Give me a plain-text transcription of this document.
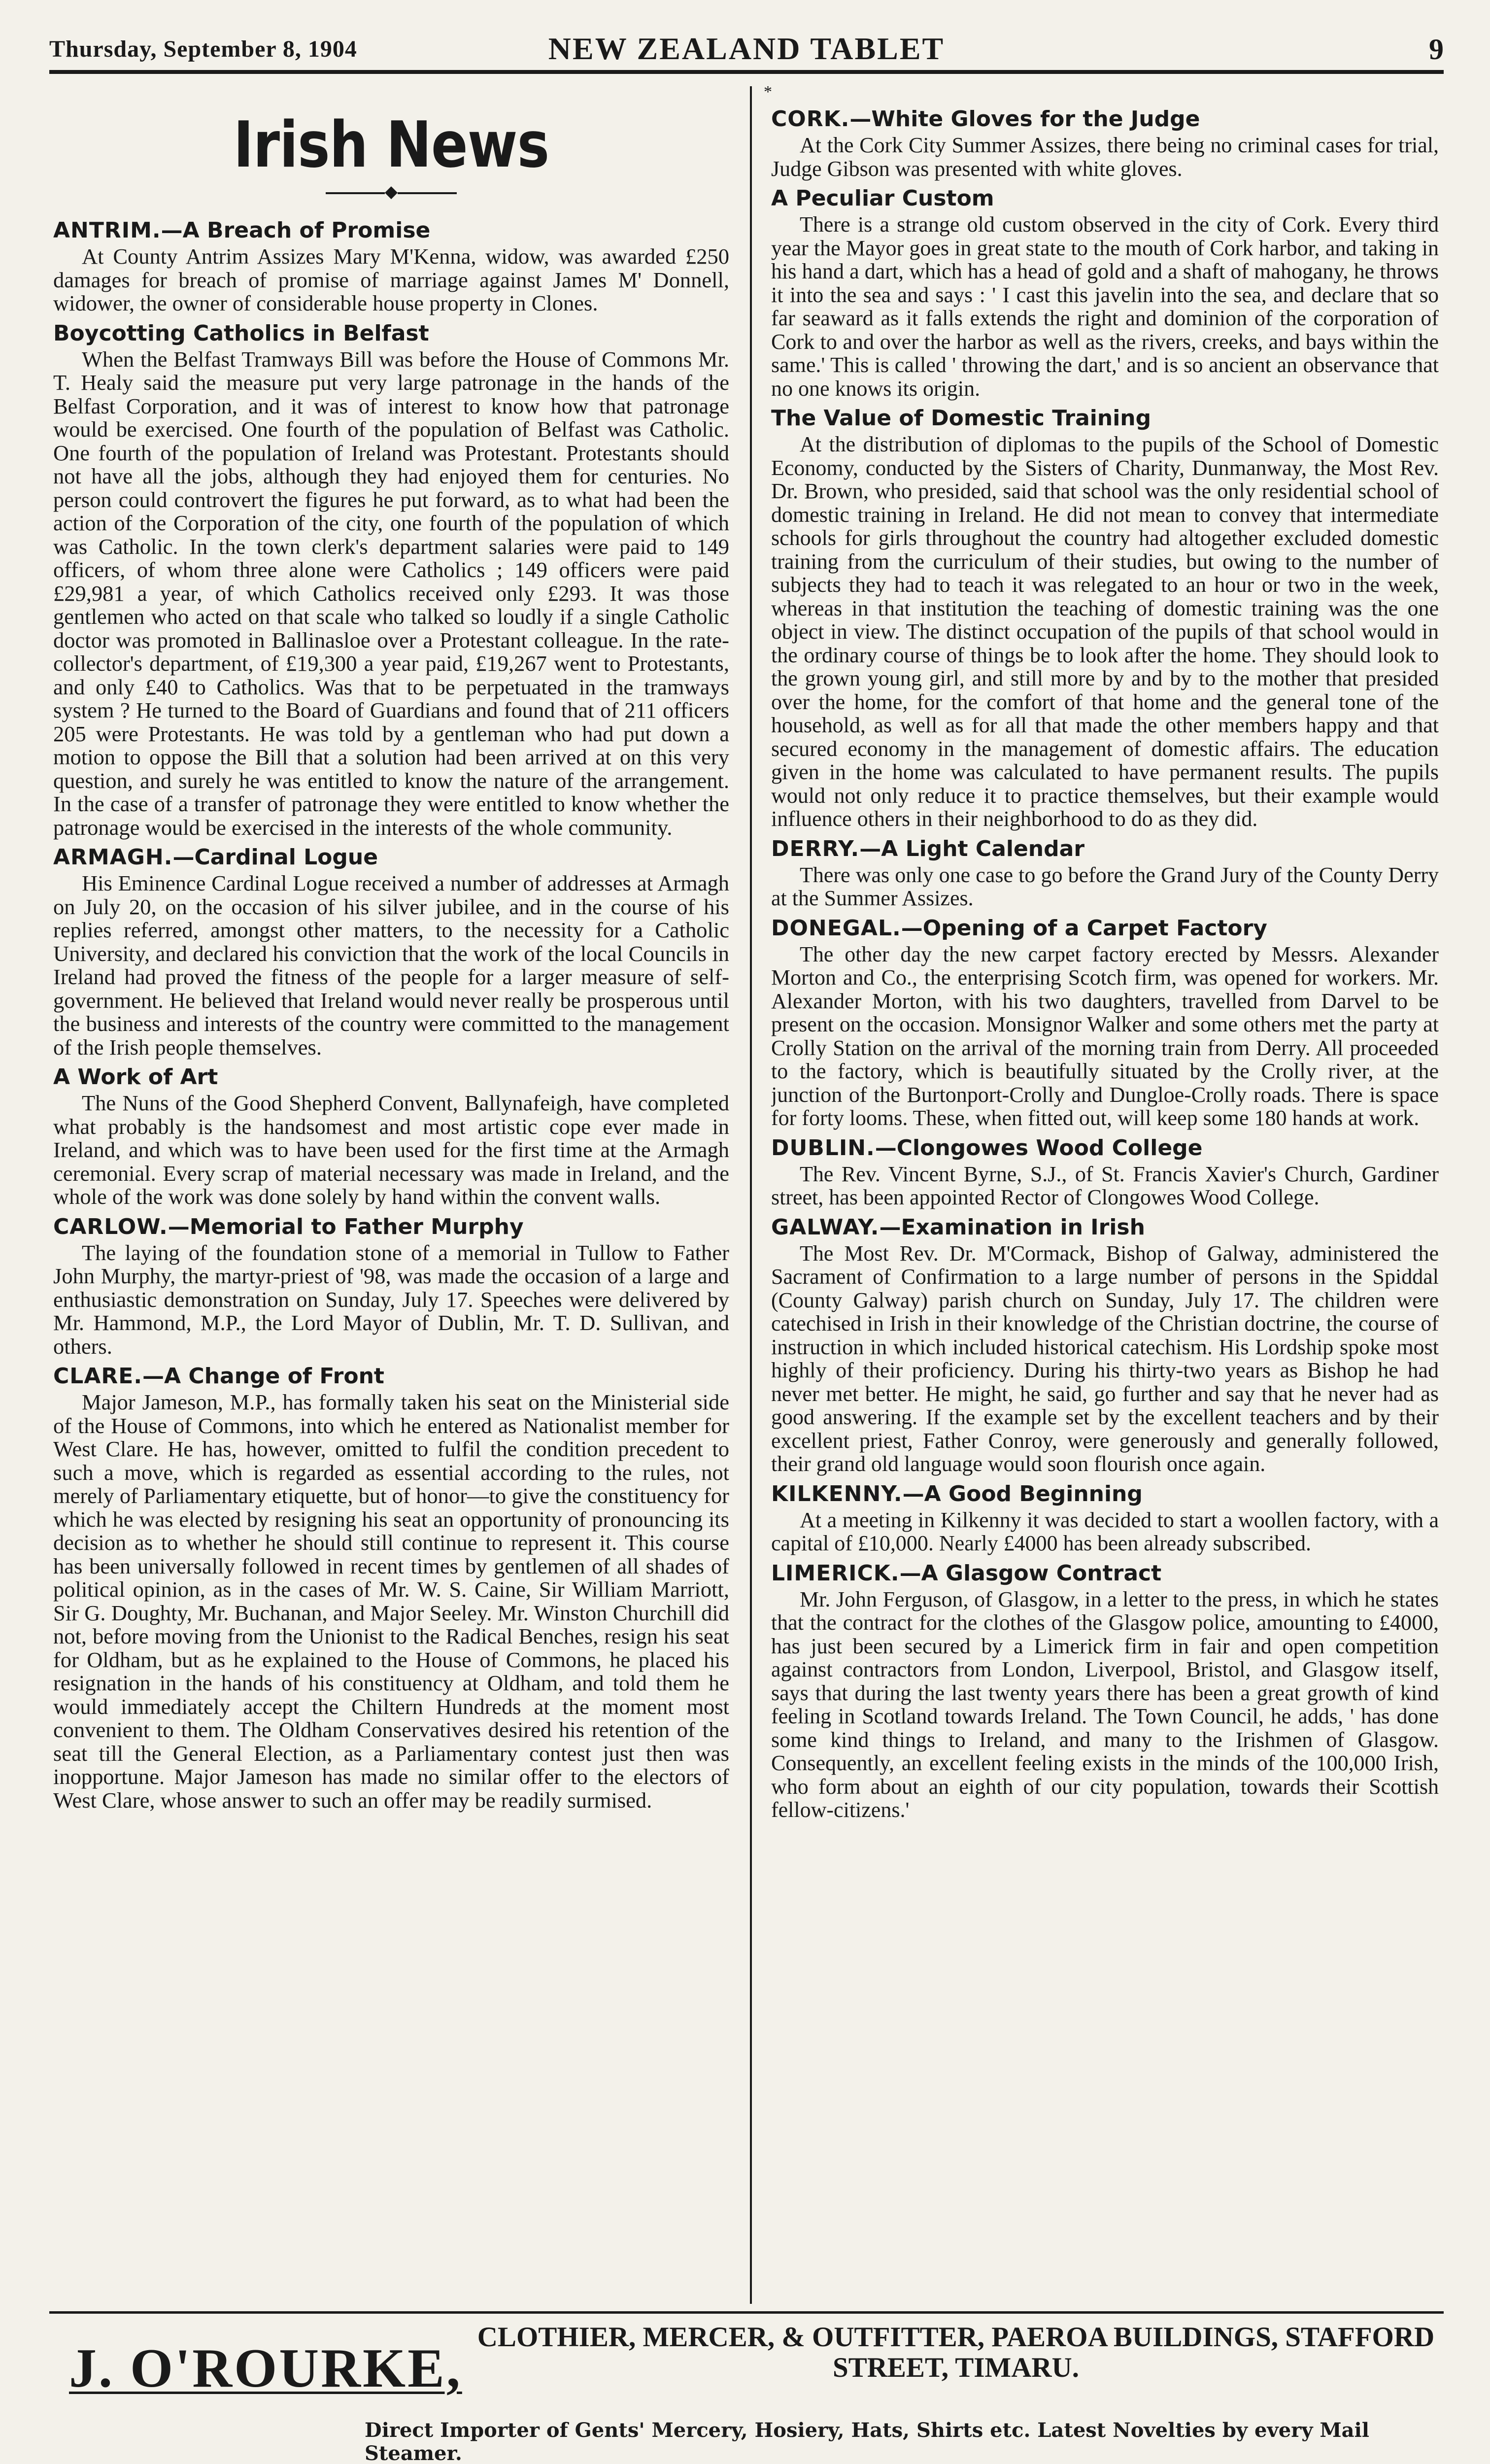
Thursday, September 8, 1904	NEW ZEALAND TABLET	9
*
Irish News
◆
ANTRIM.—A Breach of Promise

At County Antrim Assizes Mary M'Kenna, widow, was awarded £250 damages for breach of promise of marriage against James M' Donnell, widower, the owner of considerable house property in Clones.

Boycotting Catholics in Belfast

When the Belfast Tramways Bill was before the House of Commons Mr. T. Healy said the measure put very large patronage in the hands of the Belfast Corporation, and it was of interest to know how that patronage would be exercised. One fourth of the population of Belfast was Catholic. One fourth of the population of Ireland was Protestant. Protestants should not have all the jobs, although they had enjoyed them for centuries. No person could controvert the figures he put forward, as to what had been the action of the Corporation of the city, one fourth of the population of which was Catholic. In the town clerk's department salaries were paid to 149 officers, of whom three alone were Catholics ; 149 officers were paid £29,981 a year, of which Catholics received only £293. It was those gentlemen who acted on that scale who talked so loudly if a single Catholic doctor was promoted in Ballinasloe over a Protestant colleague. In the rate-collector's department, of £19,300 a year paid, £19,267 went to Protestants, and only £40 to Catholics. Was that to be perpetuated in the tramways system ? He turned to the Board of Guardians and found that of 211 officers 205 were Protestants. He was told by a gentleman who had put down a motion to oppose the Bill that a solution had been arrived at on this very question, and surely he was entitled to know the nature of the arrangement. In the case of a transfer of patronage they were entitled to know whether the patronage would be exercised in the interests of the whole community.

ARMAGH.—Cardinal Logue

His Eminence Cardinal Logue received a number of addresses at Armagh on July 20, on the occasion of his silver jubilee, and in the course of his replies referred, amongst other matters, to the necessity for a Catholic University, and declared his conviction that the work of the local Councils in Ireland had proved the fitness of the people for a larger measure of self-government. He believed that Ireland would never really be prosperous until the business and interests of the country were committed to the management of the Irish people themselves.

A Work of Art

The Nuns of the Good Shepherd Convent, Ballynafeigh, have completed what probably is the handsomest and most artistic cope ever made in Ireland, and which was to have been used for the first time at the Armagh ceremonial. Every scrap of material necessary was made in Ireland, and the whole of the work was done solely by hand within the convent walls.

CARLOW.—Memorial to Father Murphy

The laying of the foundation stone of a memorial in Tullow to Father John Murphy, the martyr-priest of '98, was made the occasion of a large and enthusiastic demonstration on Sunday, July 17. Speeches were delivered by Mr. Hammond, M.P., the Lord Mayor of Dublin, Mr. T. D. Sullivan, and others.

CLARE.—A Change of Front

Major Jameson, M.P., has formally taken his seat on the Ministerial side of the House of Commons, into which he entered as Nationalist member for West Clare. He has, however, omitted to fulfil the condition precedent to such a move, which is regarded as essential according to the rules, not merely of Parliamentary etiquette, but of honor—to give the constituency for which he was elected by resigning his seat an opportunity of pronouncing its decision as to whether he should still continue to represent it. This course has been universally followed in recent times by gentlemen of all shades of political opinion, as in the cases of Mr. W. S. Caine, Sir William Marriott, Sir G. Doughty, Mr. Buchanan, and Major Seeley. Mr. Winston Churchill did not, before moving from the Unionist to the Radical Benches, resign his seat for Oldham, but as he explained to the House of Commons, he placed his resignation in the hands of his constituency at Oldham, and told them he would immediately accept the Chiltern Hundreds at the moment most convenient to them. The Oldham Conservatives desired his retention of the seat till the General Election, as a Parliamentary contest just then was inopportune. Major Jameson has made no similar offer to the electors of West Clare, whose answer to such an offer may be readily surmised.

CORK.—White Gloves for the Judge

At the Cork City Summer Assizes, there being no criminal cases for trial, Judge Gibson was presented with white gloves.

A Peculiar Custom

There is a strange old custom observed in the city of Cork. Every third year the Mayor goes in great state to the mouth of Cork harbor, and taking in his hand a dart, which has a head of gold and a shaft of mahogany, he throws it into the sea and says : ' I cast this javelin into the sea, and declare that so far seaward as it falls extends the right and dominion of the corporation of Cork to and over the harbor as well as the rivers, creeks, and bays within the same.' This is called ' throwing the dart,' and is so ancient an observance that no one knows its origin.

The Value of Domestic Training

At the distribution of diplomas to the pupils of the School of Domestic Economy, conducted by the Sisters of Charity, Dunmanway, the Most Rev. Dr. Brown, who presided, said that school was the only residential school of domestic training in Ireland. He did not mean to convey that intermediate schools for girls throughout the country had altogether excluded domestic training from the curriculum of their studies, but owing to the number of subjects they had to teach it was relegated to an hour or two in the week, whereas in that institution the teaching of domestic training was the one object in view. The distinct occupation of the pupils of that school would in the ordinary course of things be to look after the home. They should look to the grown young girl, and still more by and by to the mother that presided over the home, for the comfort of that home and the general tone of the household, as well as for all that made the other members happy and that secured economy in the management of domestic affairs. The education given in the home was calculated to have permanent results. The pupils would not only reduce it to practice themselves, but their example would influence others in their neighborhood to do as they did.

DERRY.—A Light Calendar

There was only one case to go before the Grand Jury of the County Derry at the Summer Assizes.

DONEGAL.—Opening of a Carpet Factory

The other day the new carpet factory erected by Messrs. Alexander Morton and Co., the enterprising Scotch firm, was opened for workers. Mr. Alexander Morton, with his two daughters, travelled from Darvel to be present on the occasion. Monsignor Walker and some others met the party at Crolly Station on the arrival of the morning train from Derry. All proceeded to the factory, which is beautifully situated by the Crolly river, at the junction of the Burtonport-Crolly and Dungloe-Crolly roads. There is space for forty looms. These, when fitted out, will keep some 180 hands at work.

DUBLIN.—Clongowes Wood College

The Rev. Vincent Byrne, S.J., of St. Francis Xavier's Church, Gardiner street, has been appointed Rector of Clongowes Wood College.

GALWAY.—Examination in Irish

The Most Rev. Dr. M'Cormack, Bishop of Galway, administered the Sacrament of Confirmation to a large number of persons in the Spiddal (County Galway) parish church on Sunday, July 17. The children were catechised in Irish in their knowledge of the Christian doctrine, the course of instruction in which included historical catechism. His Lordship spoke most highly of their proficiency. During his thirty-two years as Bishop he had never met better. He might, he said, go further and say that he never had as good answering. If the example set by the excellent teachers and by their excellent priest, Father Conroy, were generously and generally followed, their grand old language would soon flourish once again.

KILKENNY.—A Good Beginning

At a meeting in Kilkenny it was decided to start a woollen factory, with a capital of £10,000. Nearly £4000 has been already subscribed.

LIMERICK.—A Glasgow Contract

Mr. John Ferguson, of Glasgow, in a letter to the press, in which he states that the contract for the clothes of the Glasgow police, amounting to £4000, has just been secured by a Limerick firm in fair and open competition against contractors from London, Liverpool, Bristol, and Glasgow itself, says that during the last twenty years there has been a great growth of kind feeling in Scotland towards Ireland. The Town Council, he adds, ' has done some kind things to Ireland, and many to the Irishmen of Glasgow. Consequently, an excellent feeling exists in the minds of the 100,000 Irish, who form about an eighth of our city population, towards their Scottish fellow-citizens.'

J. O'ROURKE,
CLOTHIER, MERCER, & OUTFITTER, PAEROA BUILDINGS, STAFFORD STREET, TIMARU.
Direct Importer of Gents' Mercery, Hosiery, Hats, Shirts etc. Latest Novelties by every Mail Steamer.
